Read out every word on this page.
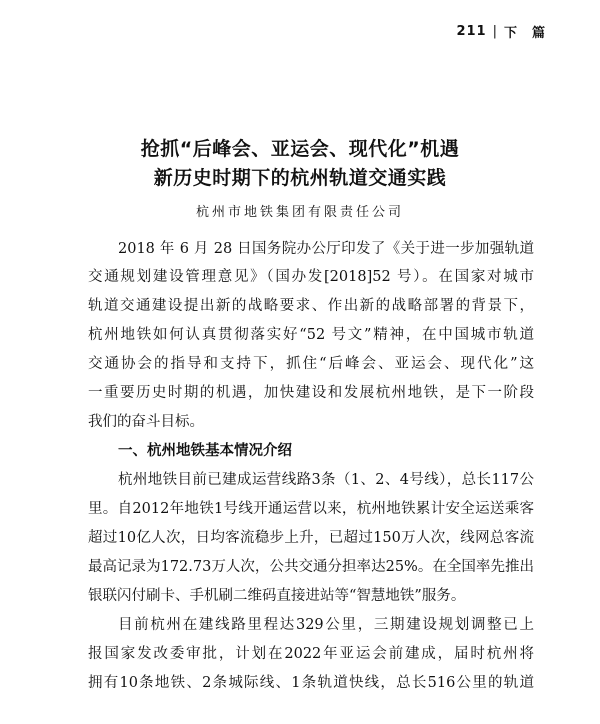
211 | 下　篇
抢抓“后峰会、亚运会、现代化”机遇
新历史时期下的杭州轨道交通实践
杭州市地铁集团有限责任公司
2018 年 6 月 28 日国务院办公厅印发了《关于进一步加强轨道
交通规划建设管理意见》（国办发[2018]52 号）。在国家对城市
轨道交通建设提出新的战略要求、作出新的战略部署的背景下，
杭州地铁如何认真贯彻落实好“52 号文”精神，在中国城市轨道
交通协会的指导和支持下，抓住“后峰会、亚运会、现代化”这
一重要历史时期的机遇，加快建设和发展杭州地铁，是下一阶段
我们的奋斗目标。
一、杭州地铁基本情况介绍
杭州地铁目前已建成运营线路3条（1、2、4号线），总长117公
里。自2012年地铁1号线开通运营以来，杭州地铁累计安全运送乘客
超过10亿人次，日均客流稳步上升，已超过150万人次，线网总客流
最高记录为172.73万人次，公共交通分担率达25%。在全国率先推出
银联闪付刷卡、手机刷二维码直接进站等“智慧地铁”服务。
目前杭州在建线路里程达329公里，三期建设规划调整已上
报国家发改委审批，计划在2022年亚运会前建成，届时杭州将
拥有10条地铁、2条城际线、1条轨道快线，总长516公里的轨道
